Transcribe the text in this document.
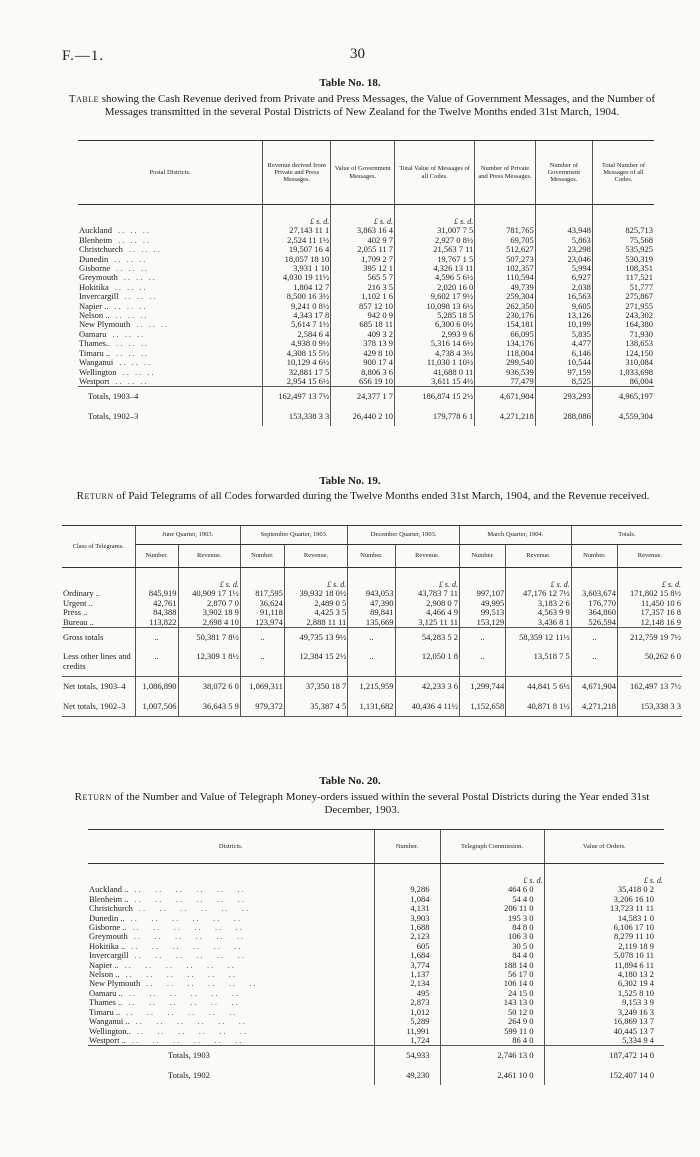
F.—1.	30
Table No. 18.
Table showing the Cash Revenue derived from Private and Press Messages, the Value of Government Messages, and the Number of Messages transmitted in the several Postal Districts of New Zealand for the Twelve Months ended 31st March, 1904.
Postal Districts.	Revenue derived from Private and Press Messages.	Value of Government Messages.	Total Value of Messages of all Codes.	Number of Private and Press Messages.	Number of Government Messages.	Total Number of Messages of all Codes.
	£ s. d.	£ s. d.	£ s. d.			
Auckland .. .. ..	27,143 11 1	3,863 16 4	31,007 7 5	781,765	43,948	825,713
Blenheim .. .. ..	2,524 11 1½	402 9 7	2,927 0 8½	69,705	5,863	75,568
Christchurch .. .. ..	19,507 16 4	2,055 11 7	21,563 7 11	512,627	23,298	535,925
Dunedin .. .. ..	18,057 18 10	1,709 2 7	19,767 1 5	507,273	23,046	530,319
Gisborne .. .. ..	3,931 1 10	395 12 1	4,326 13 11	102,357	5,994	108,351
Greymouth .. .. ..	4,030 19 11½	565 5 7	4,596 5 6½	110,594	6,927	117,521
Hokitika .. .. ..	1,804 12 7	216 3 5	2,020 16 0	49,739	2,038	51,777
Invercargill .. .. ..	8,500 16 3½	1,102 1 6	9,602 17 9½	259,304	16,563	275,867
Napier .. .. .. ..	9,241 0 8½	857 12 10	10,098 13 6½	262,350	9,605	271,955
Nelson .. .. .. ..	4,343 17 8	942 0 9	5,285 18 5	230,176	13,126	243,302
New Plymouth .. .. ..	5,614 7 1½	685 18 11	6,300 6 0½	154,181	10,199	164,380
Oamaru .. .. ..	2,584 6 4	409 3 2	2,993 9 6	66,095	5,835	71,930
Thames.. .. .. ..	4,938 0 9½	378 13 9	5,316 14 6½	134,176	4,477	138,653
Timaru .. .. .. ..	4,308 15 5½	429 8 10	4,738 4 3½	118,004	6,146	124,150
Wanganui .. .. ..	10,129 4 6½	900 17 4	11,030 1 10½	299,540	10,544	310,084
Wellington .. .. ..	32,881 17 5	8,806 3 6	41,688 0 11	936,539	97,159	1,033,698
Westport .. .. ..	2,954 15 6½	656 19 10	3,611 15 4½	77,479	8,525	86,004
Totals, 1903–4	162,497 13 7½	24,377 1 7	186,874 15 2½	4,671,904	293,293	4,965,197
Totals, 1902–3	153,338 3 3	26,440 2 10	179,778 6 1	4,271,218	288,086	4,559,304
Table No. 19.
Return of Paid Telegrams of all Codes forwarded during the Twelve Months ended 31st March, 1904, and the Revenue received.
Class of Telegrams.	June Quarter, 1903.		September Quarter, 1903.		December Quarter, 1903.		March Quarter, 1904.		Totals.	
	Number.	Revenue.	Number.	Revenue.	Number.	Revenue.	Number.	Revenue.	Number.	Revenue.
		£ s. d.		£ s. d.		£ s. d.		£ s. d.		£ s. d.
Ordinary ..	845,919	40,909 17 1½	817,595	39,932 18 0½	943,053	43,783 7 11	997,107	47,176 12 7½	3,603,674	171,802 15 8½
Urgent ..	42,761	2,870 7 0	36,624	2,489 0 5	47,390	2,908 0 7	49,995	3,183 2 6	176,770	11,450 10 6
Press ..	84,388	3,902 18 9	91,118	4,425 3 5	89,841	4,466 4 9	99,513	4,563 9 9	364,860	17,357 16 8
Bureau ..	113,822	2,698 4 10	123,974	2,888 11 11	135,669	3,125 11 11	153,129	3,436 8 1	526,594	12,148 16 9
Gross totals	..	50,381 7 8½	..	49,735 13 9½	..	54,283 5 2	..	58,359 12 11½	..	212,759 19 7½
Less other lines and credits	..	12,309 1 8½	..	12,384 15 2½	..	12,050 1 8	..	13,518 7 5	..	50,262 6 0
Net totals, 1903–4	1,086,890	38,072 6 0	1,069,311	37,350 18 7	1,215,959	42,233 3 6	1,299,744	44,841 5 6½	4,671,904	162,497 13 7½
Net totals, 1902–3	1,007,506	36,643 5 9	979,372	35,387 4 5	1,131,682	40,436 4 11½	1,152,658	40,871 8 1½	4,271,218	153,338 3 3
Table No. 20.
Return of the Number and Value of Telegraph Money-orders issued within the several Postal Districts during the Year ended 31st December, 1903.
Districts.	Number.	Telegraph Commission.	Value of Orders.
		£ s. d.	£ s. d.
Auckland .. ..   ..   ..   ..   ..   ..	9,286	464 6 0	35,418 0 2
Blenheim .. ..   ..   ..   ..   ..   ..	1,084	54 4 0	3,206 16 10
Christchurch ..   ..   ..   ..   ..   ..	4,131	206 11 0	13,723 11 11
Dunedin .. ..   ..   ..   ..   ..   ..	3,903	195 3 0	14,583 1 0
Gisborne .. ..   ..   ..   ..   ..   ..	1,688	84 8 0	6,106 17 10
Greymouth ..   ..   ..   ..   ..   ..	2,123	106 3 0	8,279 11 10
Hokitika .. ..   ..   ..   ..   ..   ..	605	30 5 0	2,119 18 9
Invercargill ..   ..   ..   ..   ..   ..	1,684	84 4 0	5,078 10 11
Napier .. ..   ..   ..   ..   ..   ..	3,774	188 14 0	11,894 6 11
Nelson .. ..   ..   ..   ..   ..   ..	1,137	56 17 0	4,180 13 2
New Plymouth ..   ..   ..   ..   ..   ..	2,134	106 14 0	6,302 19 4
Oamaru .. ..   ..   ..   ..   ..   ..	495	24 15 0	1,525 8 10
Thames .. ..   ..   ..   ..   ..   ..	2,873	143 13 0	9,153 3 9
Timaru .. ..   ..   ..   ..   ..   ..	1,012	50 12 0	3,249 16 3
Wanganui .. ..   ..   ..   ..   ..   ..	5,289	264 9 0	16,869 13 7
Wellington.. ..   ..   ..   ..   ..   ..	11,991	599 11 0	40,445 13 7
Westport .. ..   ..   ..   ..   ..   ..	1,724	86 4 0	5,334 9 4
Totals, 1903	54,933	2,746 13 0	187,472 14 0
Totals, 1902	49,230	2,461 10 0	152,407 14 0
